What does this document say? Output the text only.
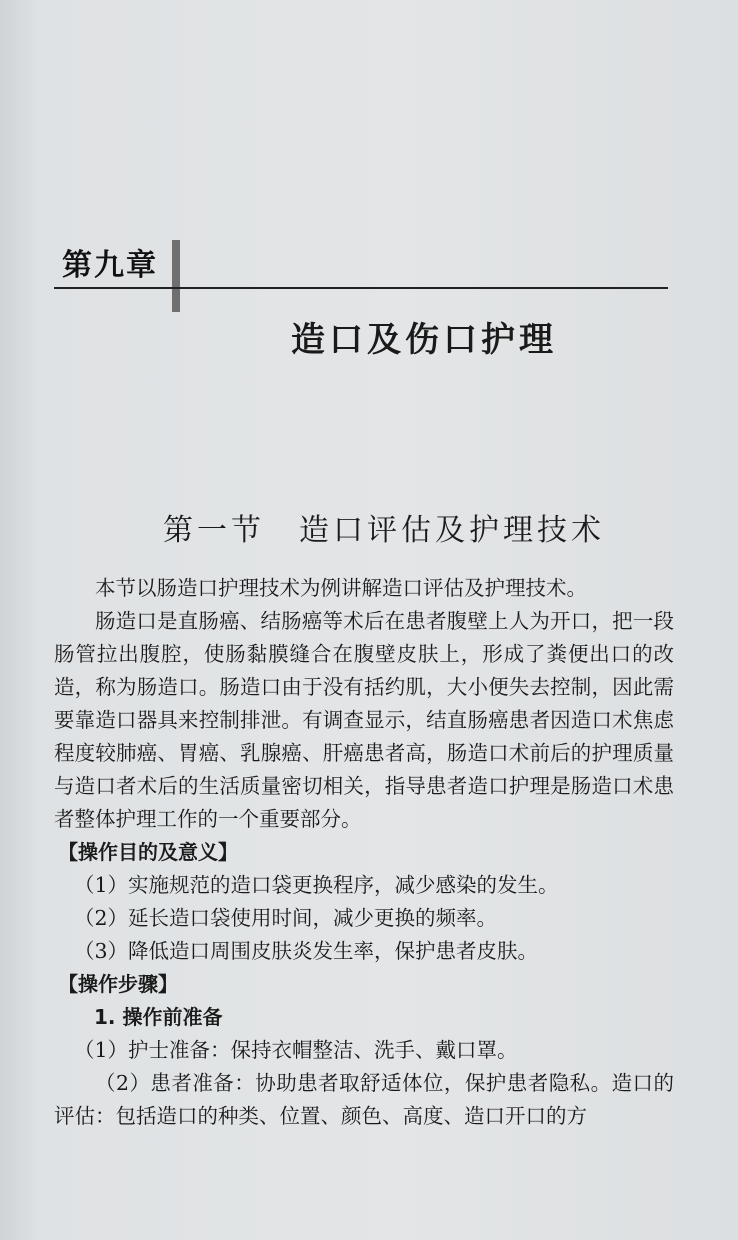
第九章
造口及伤口护理
第一节 造口评估及护理技术

本节以肠造口护理技术为例讲解造口评估及护理技术。

肠造口是直肠癌、结肠癌等术后在患者腹壁上人为开口，把一段肠管拉出腹腔，使肠黏膜缝合在腹壁皮肤上，形成了粪便出口的改造，称为肠造口。肠造口由于没有括约肌，大小便失去控制，因此需要靠造口器具来控制排泄。有调查显示，结直肠癌患者因造口术焦虑程度较肺癌、胃癌、乳腺癌、肝癌患者高，肠造口术前后的护理质量与造口者术后的生活质量密切相关，指导患者造口护理是肠造口术患者整体护理工作的一个重要部分。

【操作目的及意义】

（1）实施规范的造口袋更换程序，减少感染的发生。

（2）延长造口袋使用时间，减少更换的频率。

（3）降低造口周围皮肤炎发生率，保护患者皮肤。

【操作步骤】

1. 操作前准备

（1）护士准备：保持衣帽整洁、洗手、戴口罩。

（2）患者准备：协助患者取舒适体位，保护患者隐私。造口的评估：包括造口的种类、位置、颜色、高度、造口开口的方
